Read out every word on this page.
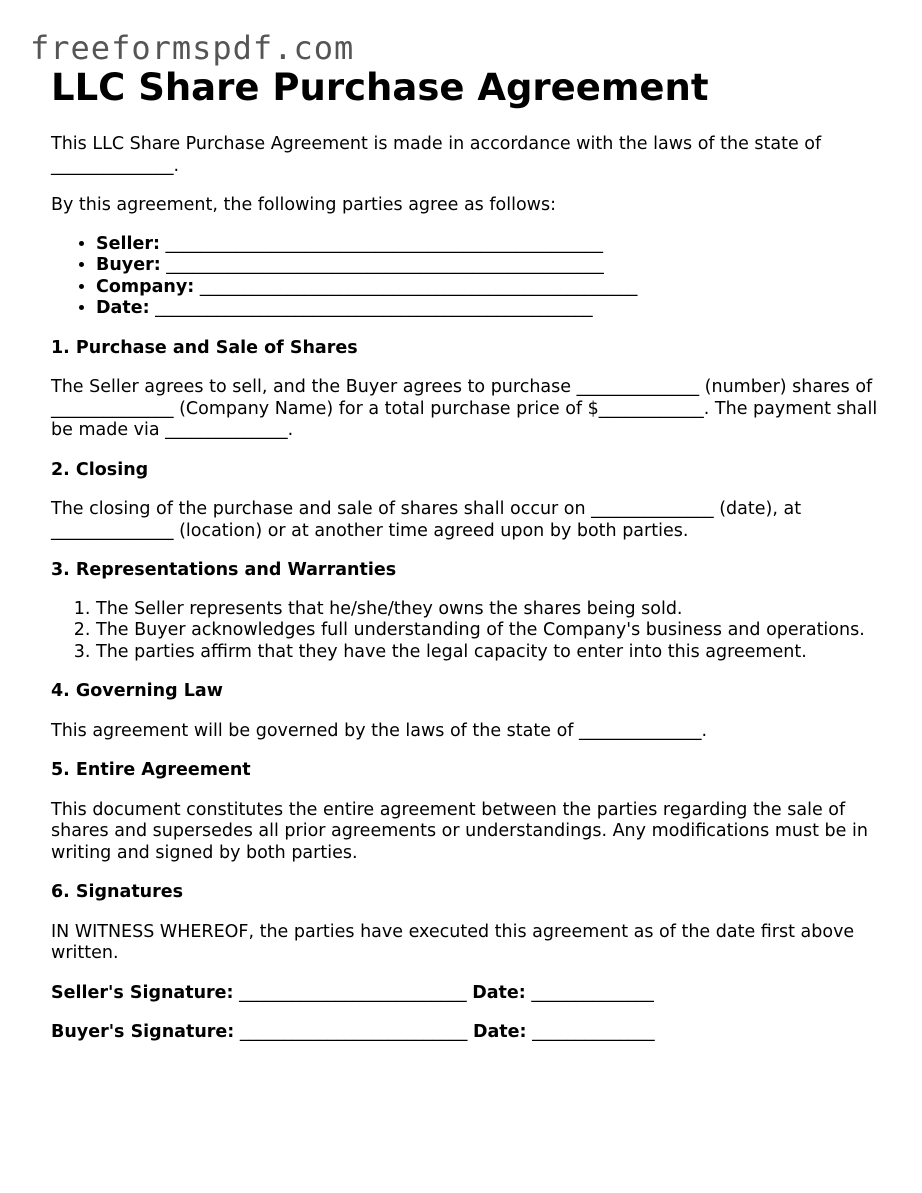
freeformspdf.com
LLC Share Purchase Agreement

This LLC Share Purchase Agreement is made in accordance with the laws of the state of ______________.

By this agreement, the following parties agree as follows:

• Seller: __________________________________________________
• Buyer: __________________________________________________
• Company: __________________________________________________
• Date: __________________________________________________
1. Purchase and Sale of Shares

The Seller agrees to sell, and the Buyer agrees to purchase ______________ (number) shares of ______________ (Company Name) for a total purchase price of $____________. The payment shall be made via ______________.

2. Closing

The closing of the purchase and sale of shares shall occur on ______________ (date), at ______________ (location) or at another time agreed upon by both parties.

3. Representations and Warranties
1. The Seller represents that he/she/they owns the shares being sold.
2. The Buyer acknowledges full understanding of the Company's business and operations.
3. The parties affirm that they have the legal capacity to enter into this agreement.
4. Governing Law

This agreement will be governed by the laws of the state of ______________.

5. Entire Agreement

This document constitutes the entire agreement between the parties regarding the sale of shares and supersedes all prior agreements or understandings. Any modifications must be in writing and signed by both parties.

6. Signatures

IN WITNESS WHEREOF, the parties have executed this agreement as of the date first above written.

Seller's Signature: __________________________ Date: ______________
Buyer's Signature: __________________________ Date: ______________
